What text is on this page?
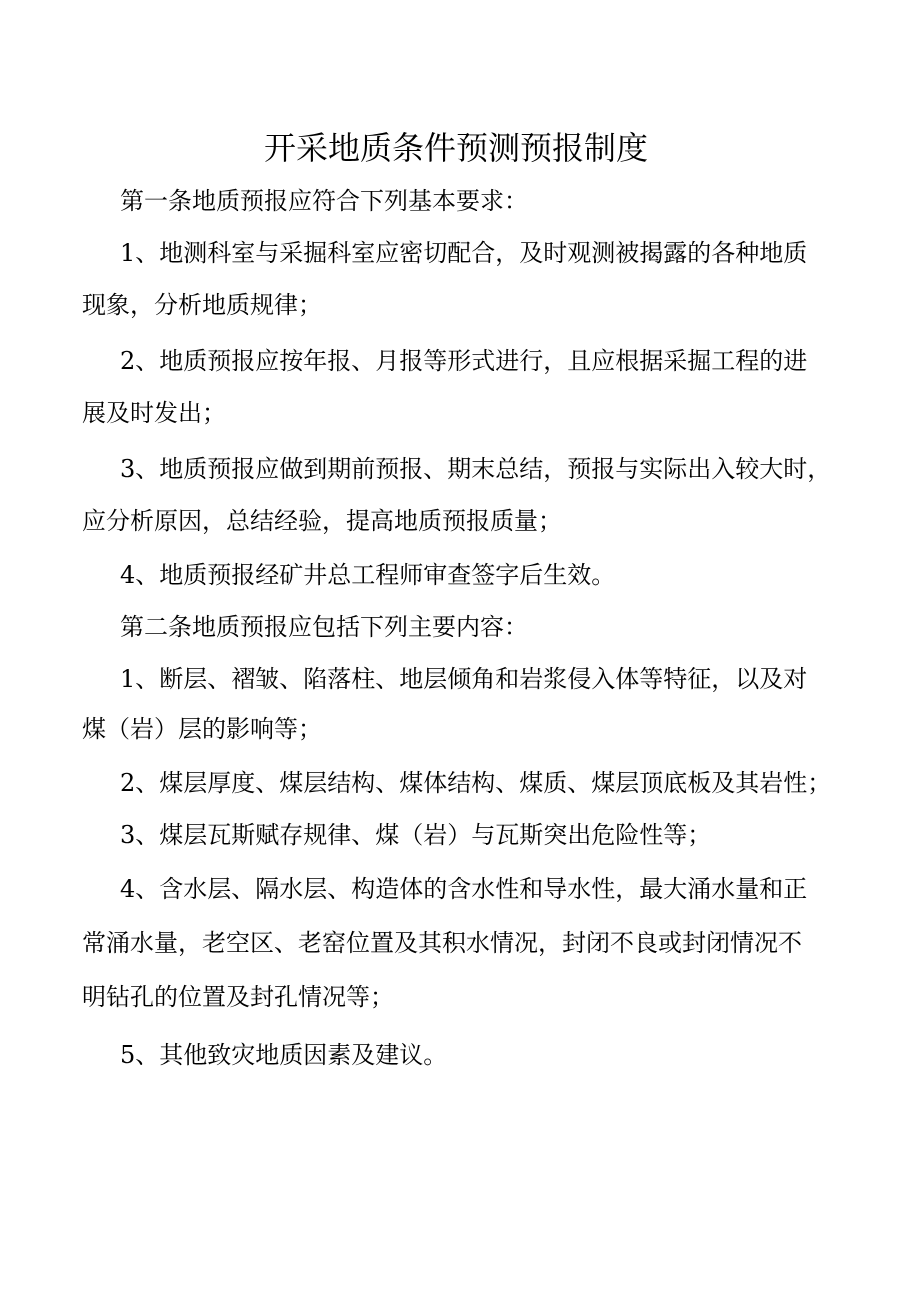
开采地质条件预测预报制度

第一条地质预报应符合下列基本要求：

1、地测科室与采掘科室应密切配合，及时观测被揭露的各种地质

现象，分析地质规律；

2、地质预报应按年报、月报等形式进行，且应根据采掘工程的进

展及时发出；

3、地质预报应做到期前预报、期末总结，预报与实际出入较大时，

应分析原因，总结经验，提高地质预报质量；

4、地质预报经矿井总工程师审查签字后生效。

第二条地质预报应包括下列主要内容：

1、断层、褶皱、陷落柱、地层倾角和岩浆侵入体等特征，以及对

煤（岩）层的影响等；

2、煤层厚度、煤层结构、煤体结构、煤质、煤层顶底板及其岩性；

3、煤层瓦斯赋存规律、煤（岩）与瓦斯突出危险性等；

4、含水层、隔水层、构造体的含水性和导水性，最大涌水量和正

常涌水量，老空区、老窑位置及其积水情况，封闭不良或封闭情况不

明钻孔的位置及封孔情况等；

5、其他致灾地质因素及建议。
